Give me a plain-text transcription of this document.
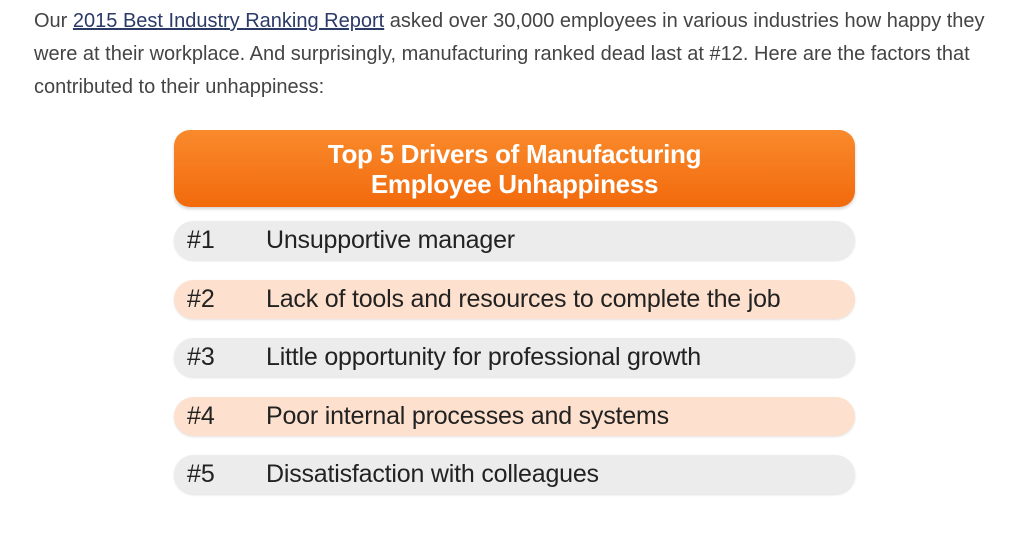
Our 2015 Best Industry Ranking Report asked over 30,000 employees in various industries how happy they were at their workplace. And surprisingly, manufacturing ranked dead last at #12. Here are the factors that contributed to their unhappiness:

Top 5 Drivers of Manufacturing
Employee Unhappiness
#1 Unsupportive manager
#2 Lack of tools and resources to complete the job
#3 Little opportunity for professional growth
#4 Poor internal processes and systems
#5 Dissatisfaction with colleagues
